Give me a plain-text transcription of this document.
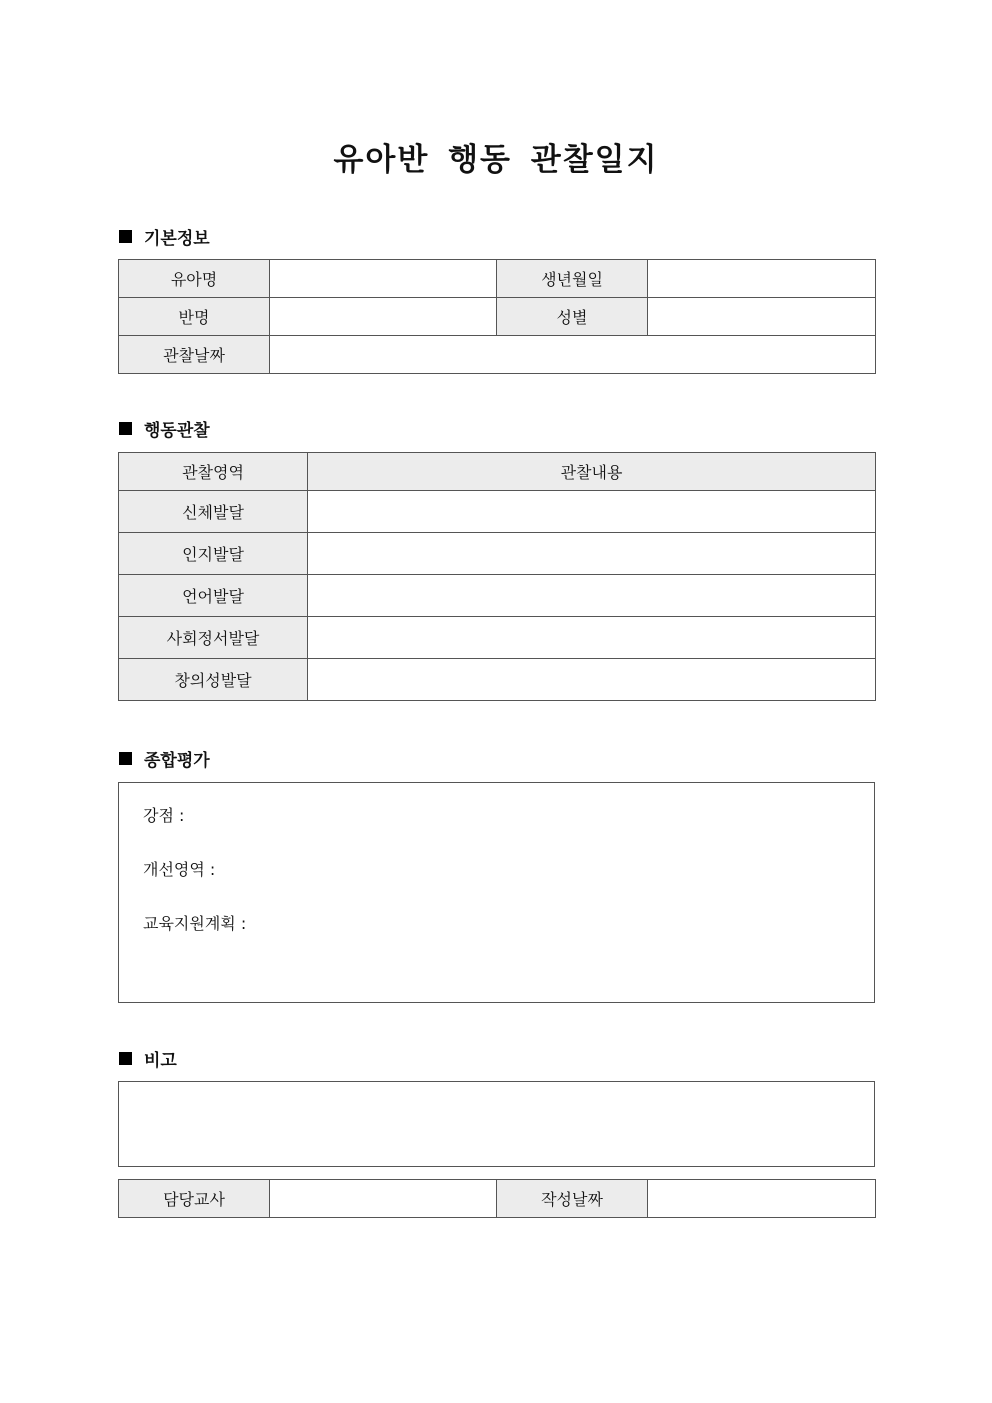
유아반 행동 관찰일지
기본정보
유아명		생년월일	
반명		성별	
관찰날짜			
행동관찰
관찰영역	관찰내용
신체발달	
인지발달	
언어발달	
사회정서발달	
창의성발달	
종합평가
강점 :
개선영역 :
교육지원계획 :
비고
담당교사		작성날짜	
